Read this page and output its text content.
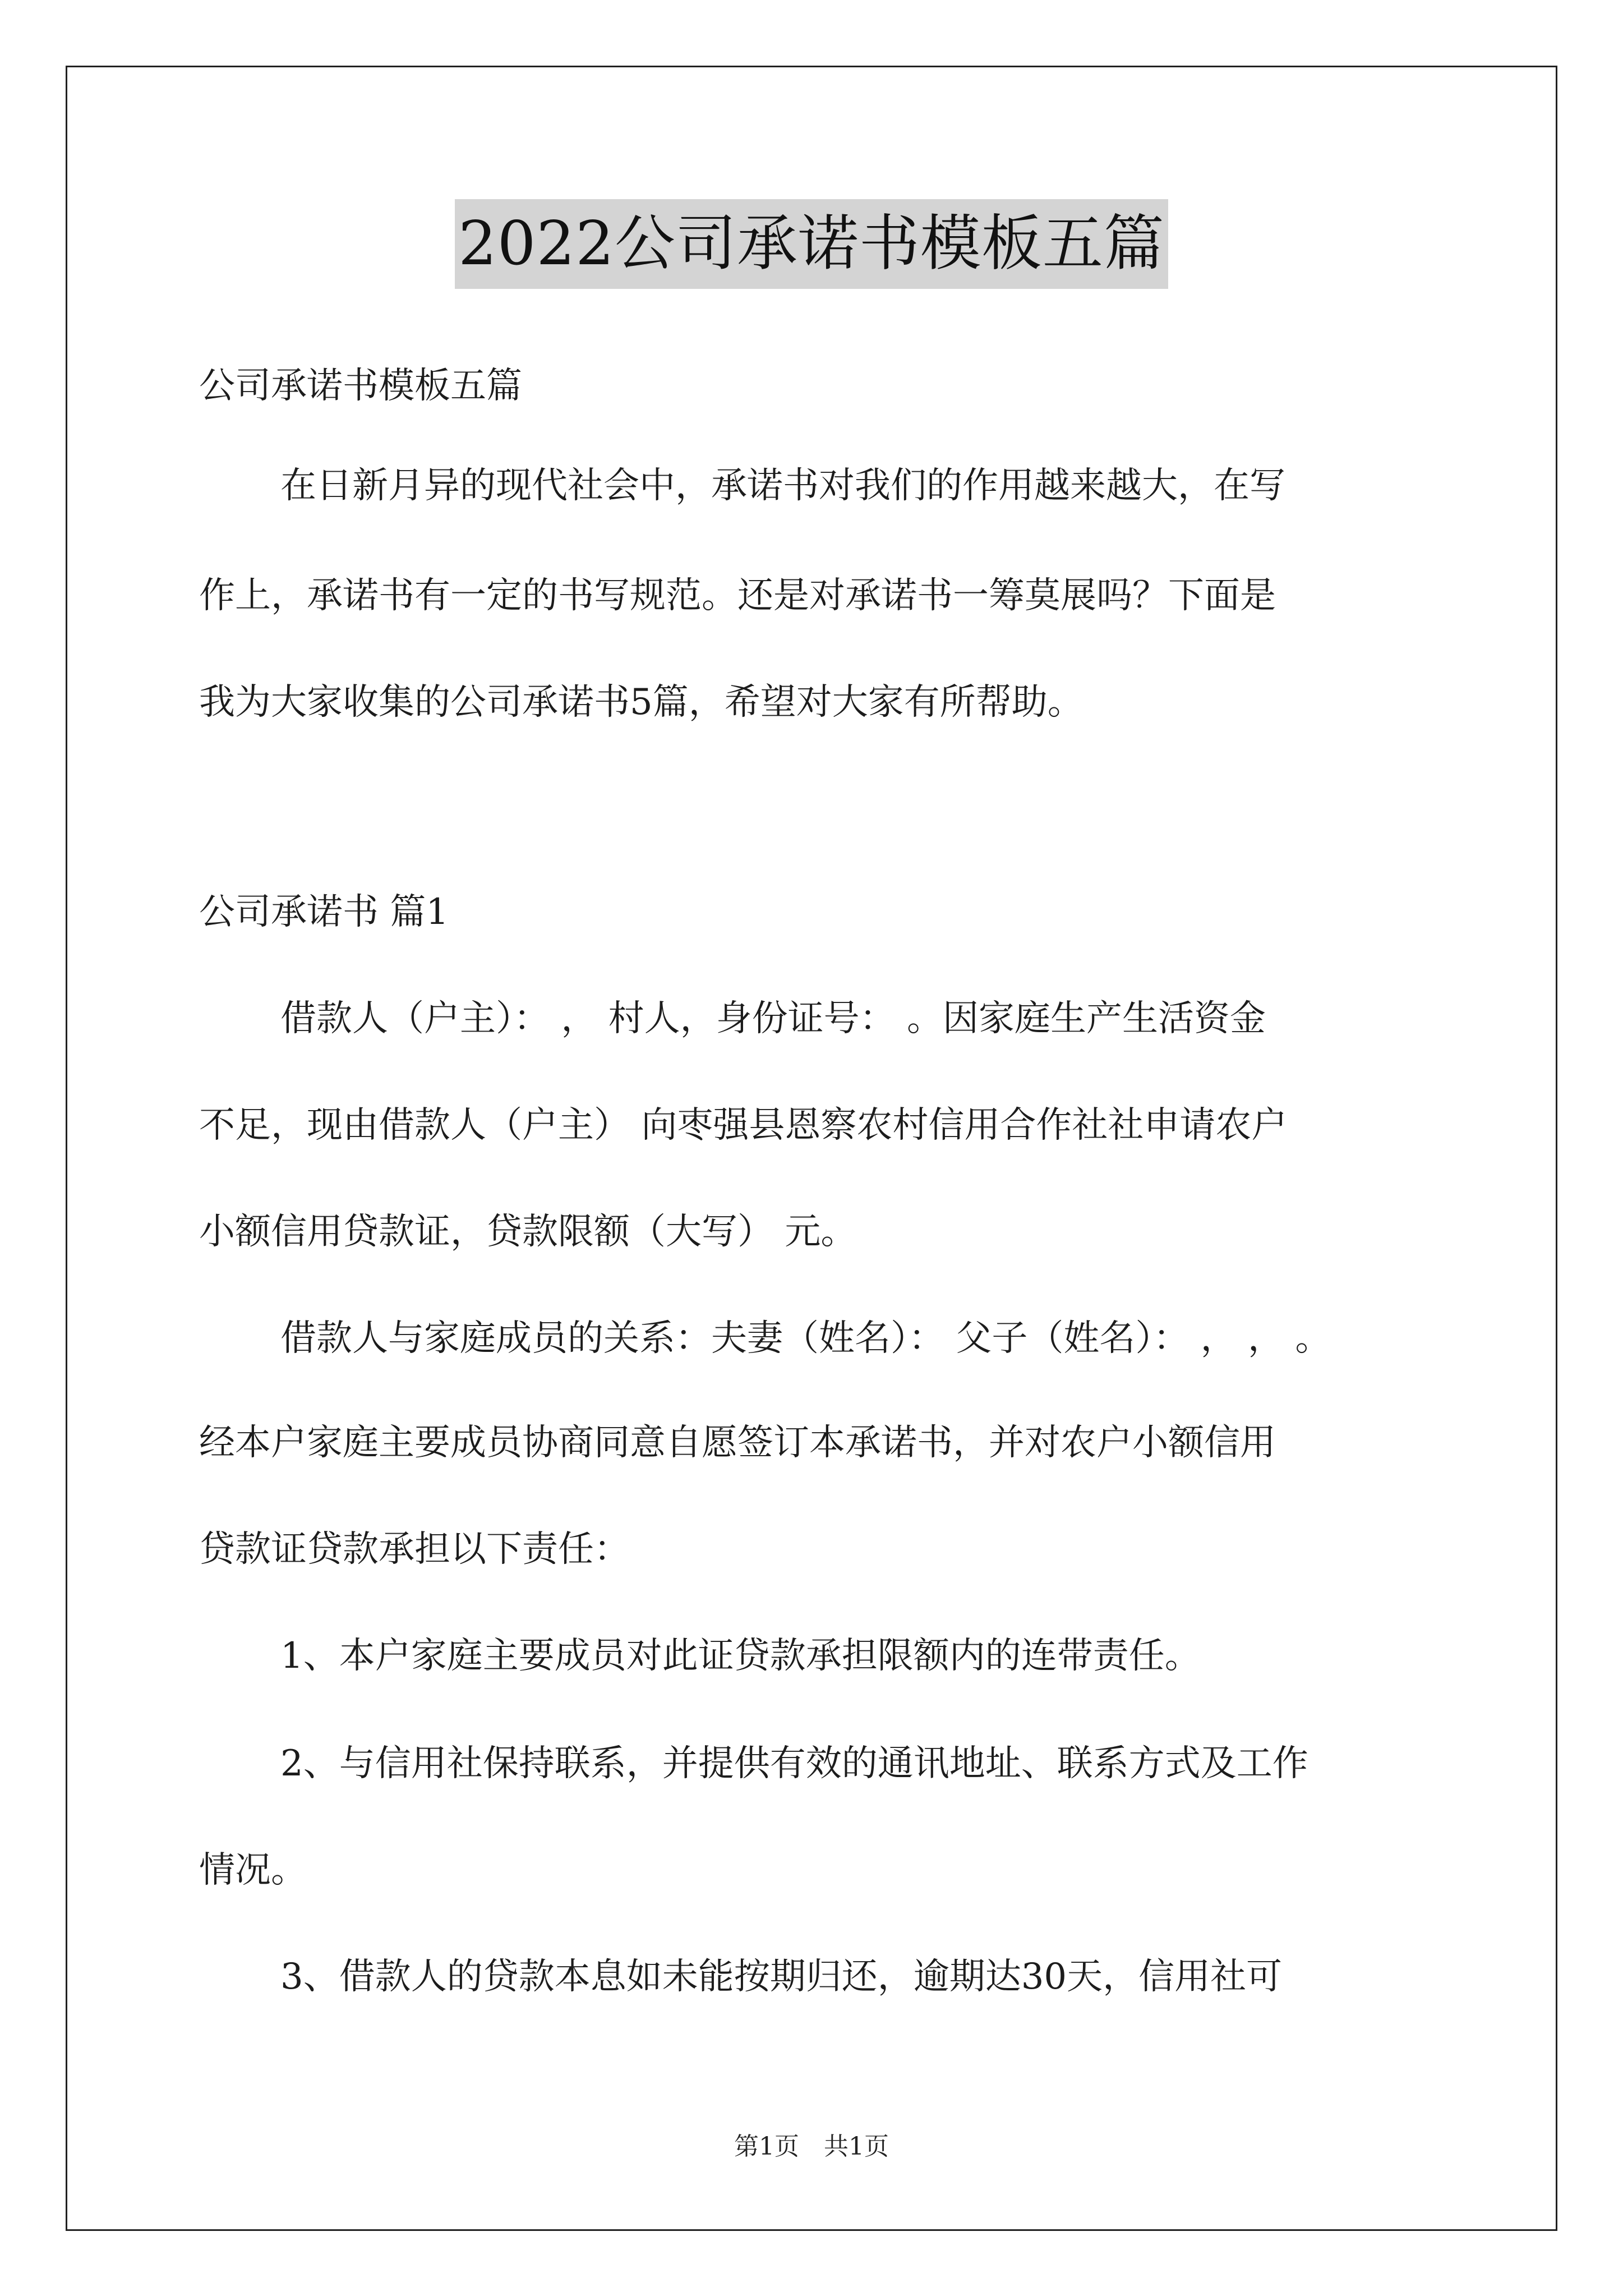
2022公司承诺书模板五篇
公司承诺书模板五篇
在日新月异的现代社会中，承诺书对我们的作用越来越大，在写
作上，承诺书有一定的书写规范。还是对承诺书一筹莫展吗？下面是
我为大家收集的公司承诺书5篇，希望对大家有所帮助。
公司承诺书 篇1
借款人（户主）： ， 村人，身份证号： 。因家庭生产生活资金
不足，现由借款人（户主） 向枣强县恩察农村信用合作社社申请农户
小额信用贷款证，贷款限额（大写） 元。
借款人与家庭成员的关系：夫妻（姓名）： 父子（姓名）： ， ， 。
经本户家庭主要成员协商同意自愿签订本承诺书，并对农户小额信用
贷款证贷款承担以下责任：
1、本户家庭主要成员对此证贷款承担限额内的连带责任。
2、与信用社保持联系，并提供有效的通讯地址、联系方式及工作
情况。
3、借款人的贷款本息如未能按期归还，逾期达30天，信用社可
第1页　共1页
